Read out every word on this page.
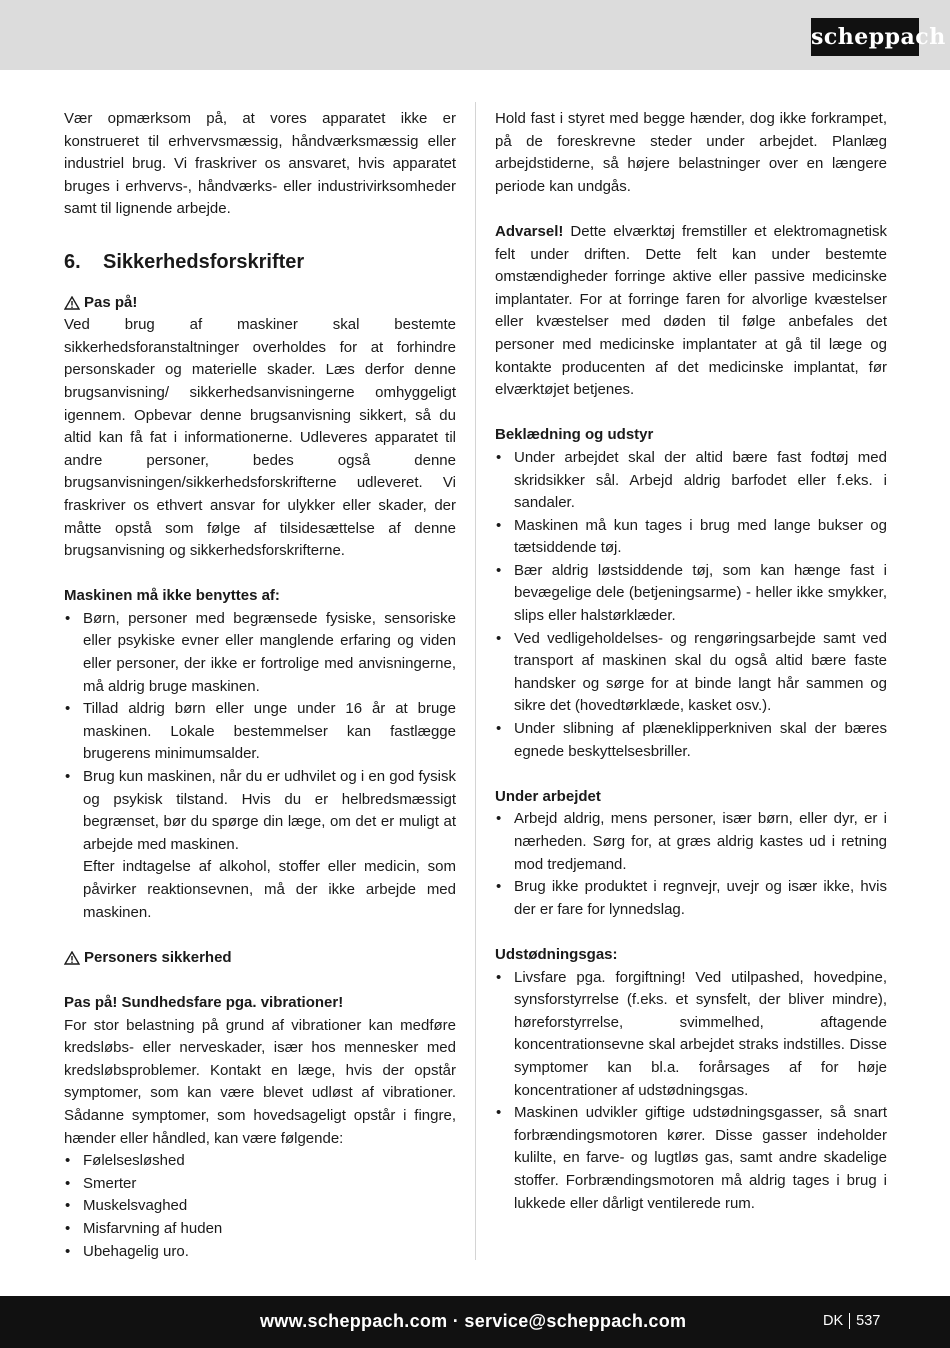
scheppach

Vær opmærksom på, at vores apparatet ikke er konstrueret til erhvervsmæssig, håndværksmæssig eller industriel brug. Vi fraskriver os ansvaret, hvis apparatet bruges i erhvervs-, håndværks- eller industrivirksomheder samt til lignende arbejde.

6.	Sikkerhedsforskrifter
Pas på!

Ved brug af maskiner skal bestemte sikkerhedsforanstaltninger overholdes for at forhindre personskader og materielle skader. Læs derfor denne brugsanvisning/ sikkerhedsanvisningerne omhyggeligt igennem. Opbevar denne brugsanvisning sikkert, så du altid kan få fat i informationerne. Udleveres apparatet til andre personer, bedes også denne brugsanvisningen/sikkerhedsforskrifterne udleveret. Vi fraskriver os ethvert ansvar for ulykker eller skader, der måtte opstå som følge af tilsidesættelse af denne brugsanvisning og sikkerhedsforskrifterne.

Maskinen må ikke benyttes af:
• Børn, personer med begrænsede fysiske, sensoriske eller psykiske evner eller manglende erfaring og viden eller personer, der ikke er fortrolige med anvisningerne, må aldrig bruge maskinen.
• Tillad aldrig børn eller unge under 16 år at bruge maskinen. Lokale bestemmelser kan fastlægge brugerens minimumsalder.
• Brug kun maskinen, når du er udhvilet og i en god fysisk og psykisk tilstand. Hvis du er helbredsmæssigt begrænset, bør du spørge din læge, om det er muligt at arbejde med maskinen.
Efter indtagelse af alkohol, stoffer eller medicin, som påvirker reaktionsevnen, må der ikke arbejde med maskinen.
Personers sikkerhed
Pas på! Sundhedsfare pga. vibrationer!

For stor belastning på grund af vibrationer kan medføre kredsløbs- eller nerveskader, især hos mennesker med kredsløbsproblemer. Kontakt en læge, hvis der opstår symptomer, som kan være blevet udløst af vibrationer. Sådanne symptomer, som hovedsageligt opstår i fingre, hænder eller håndled, kan være følgende:

• Følelsesløshed
• Smerter
• Muskelsvaghed
• Misfarvning af huden
• Ubehagelig uro.

Hold fast i styret med begge hænder, dog ikke forkrampet, på de foreskrevne steder under arbejdet. Planlæg arbejdstiderne, så højere belastninger over en længere periode kan undgås.

Advarsel! Dette elværktøj fremstiller et elektromagnetisk felt under driften. Dette felt kan under bestemte omstændigheder forringe aktive eller passive medicinske implantater. For at forringe faren for alvorlige kvæstelser eller kvæstelser med døden til følge anbefales det personer med medicinske implantater at gå til læge og kontakte producenten af det medicinske implantat, før elværktøjet betjenes.

Beklædning og udstyr
• Under arbejdet skal der altid bære fast fodtøj med skridsikker sål. Arbejd aldrig barfodet eller f.eks. i sandaler.
• Maskinen må kun tages i brug med lange bukser og tætsiddende tøj.
• Bær aldrig løstsiddende tøj, som kan hænge fast i bevægelige dele (betjeningsarme) - heller ikke smykker, slips eller halstørklæder.
• Ved vedligeholdelses- og rengøringsarbejde samt ved transport af maskinen skal du også altid bære faste handsker og sørge for at binde langt hår sammen og sikre det (hovedtørklæde, kasket osv.).
• Under slibning af plæneklipperkniven skal der bæres egnede beskyttelsesbriller.
Under arbejdet
• Arbejd aldrig, mens personer, især børn, eller dyr, er i nærheden. Sørg for, at græs aldrig kastes ud i retning mod tredjemand.
• Brug ikke produktet i regnvejr, uvejr og især ikke, hvis der er fare for lynnedslag.
Udstødningsgas:
• Livsfare pga. forgiftning! Ved utilpashed, hovedpine, synsforstyrrelse (f.eks. et synsfelt, der bliver mindre), høreforstyrrelse, svimmelhed, aftagende koncentrationsevne skal arbejdet straks indstilles. Disse symptomer kan bl.a. forårsages af for høje koncentrationer af udstødningsgas.
• Maskinen udvikler giftige udstødningsgasser, så snart forbrændingsmotoren kører. Disse gasser indeholder kulilte, en farve- og lugtløs gas, samt andre skadelige stoffer. Forbrændingsmotoren må aldrig tages i brug i lukkede eller dårligt ventilerede rum.
www.scheppach.com · service@scheppach.com	DK 537
